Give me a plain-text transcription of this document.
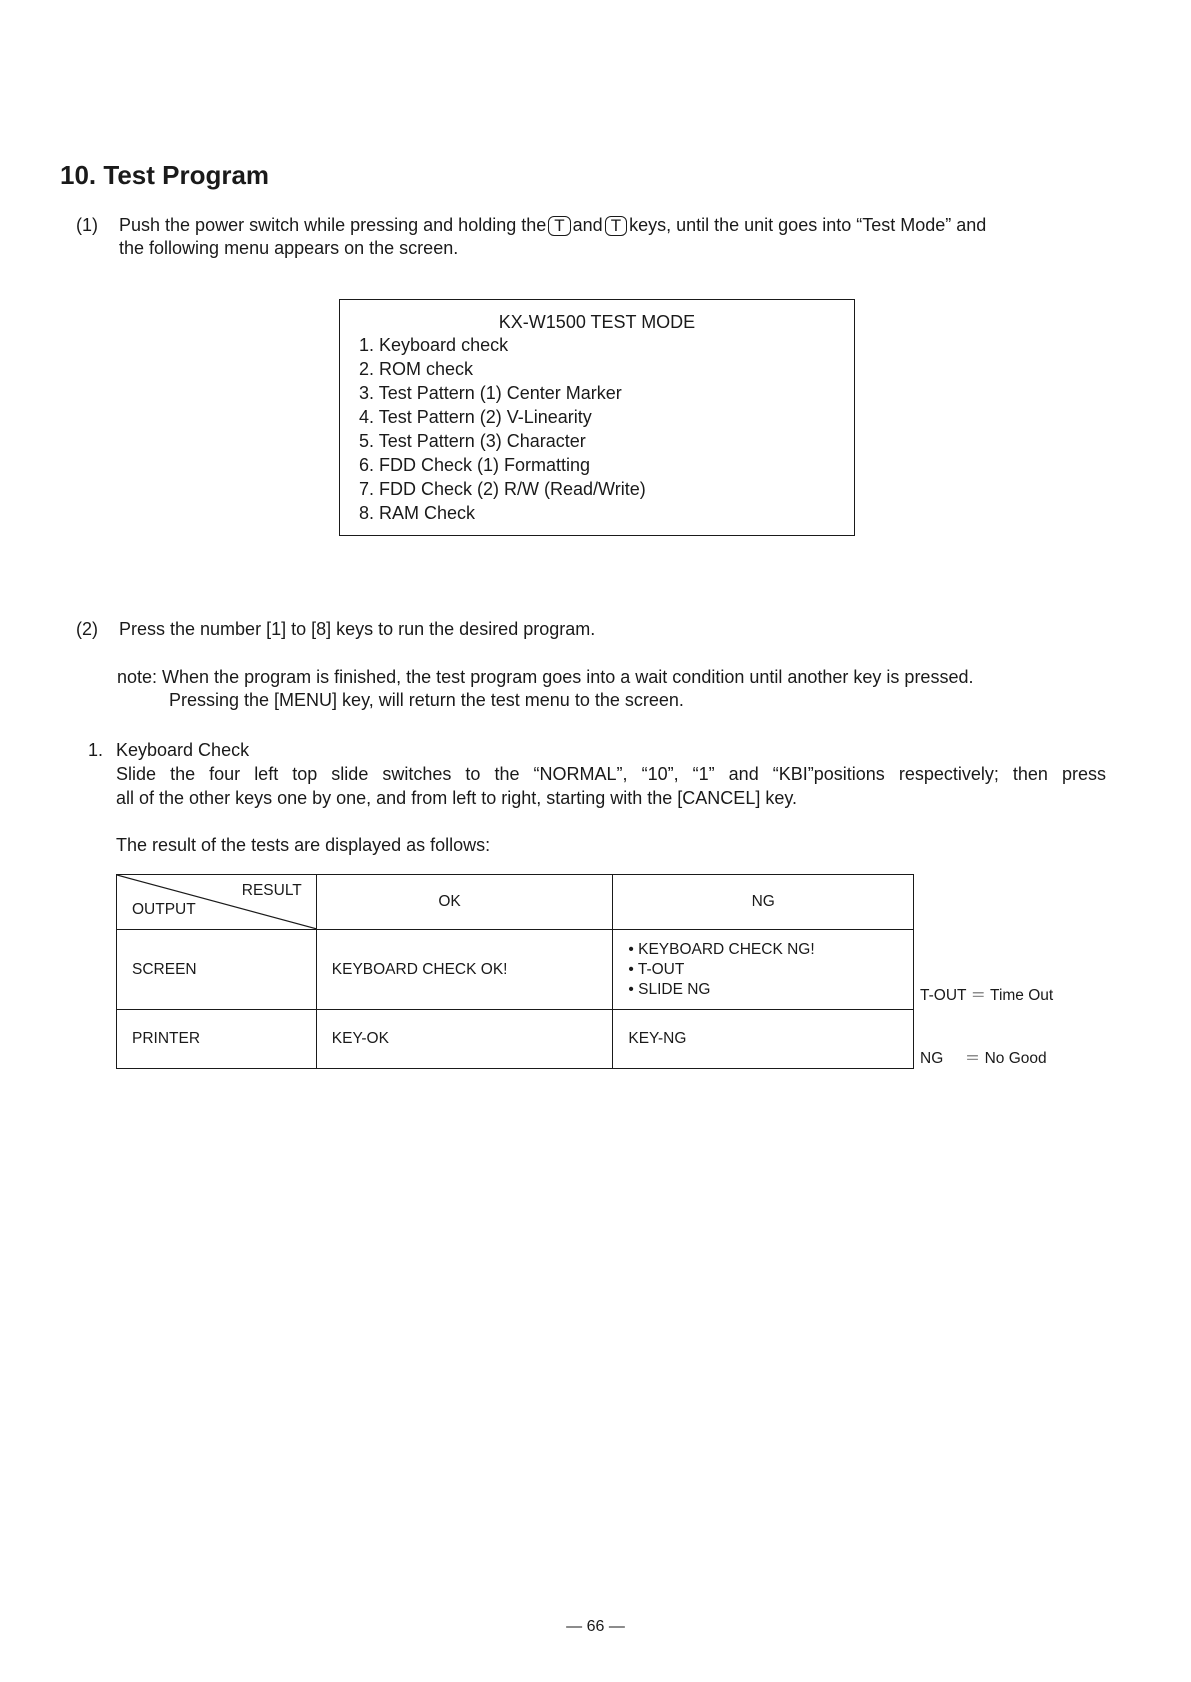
10. Test Program
(1) Push the power switch while pressing and holding the T and T keys, until the unit goes into “Test Mode” and
the following menu appears on the screen.
KX-W1500 TEST MODE
1. Keyboard check
2. ROM check
3. Test Pattern (1) Center Marker
4. Test Pattern (2) V-Linearity
5. Test Pattern (3) Character
6. FDD Check (1) Formatting
7. FDD Check (2) R/W (Read/Write)
8. RAM Check
(2) Press the number [1] to [8] keys to run the desired program.
note: When the program is finished, the test program goes into a wait condition until another key is pressed.
Pressing the [MENU] key, will return the test menu to the screen.
1. Keyboard Check
Slide the four left top slide switches to the “NORMAL”, “10”, “1” and “KBI”positions respectively; then press
all of the other keys one by one, and from left to right, starting with the [CANCEL] key.
The result of the tests are displayed as follows:
RESULT
OUTPUT	OK	NG
SCREEN	KEYBOARD CHECK OK!	• KEYBOARD CHECK NG!
• T-OUT
• SLIDE NG

PRINTER	KEY-OK	KEY-NG

T-OUT ＝ Time Out

NG     ＝ No Good

— 66 —
